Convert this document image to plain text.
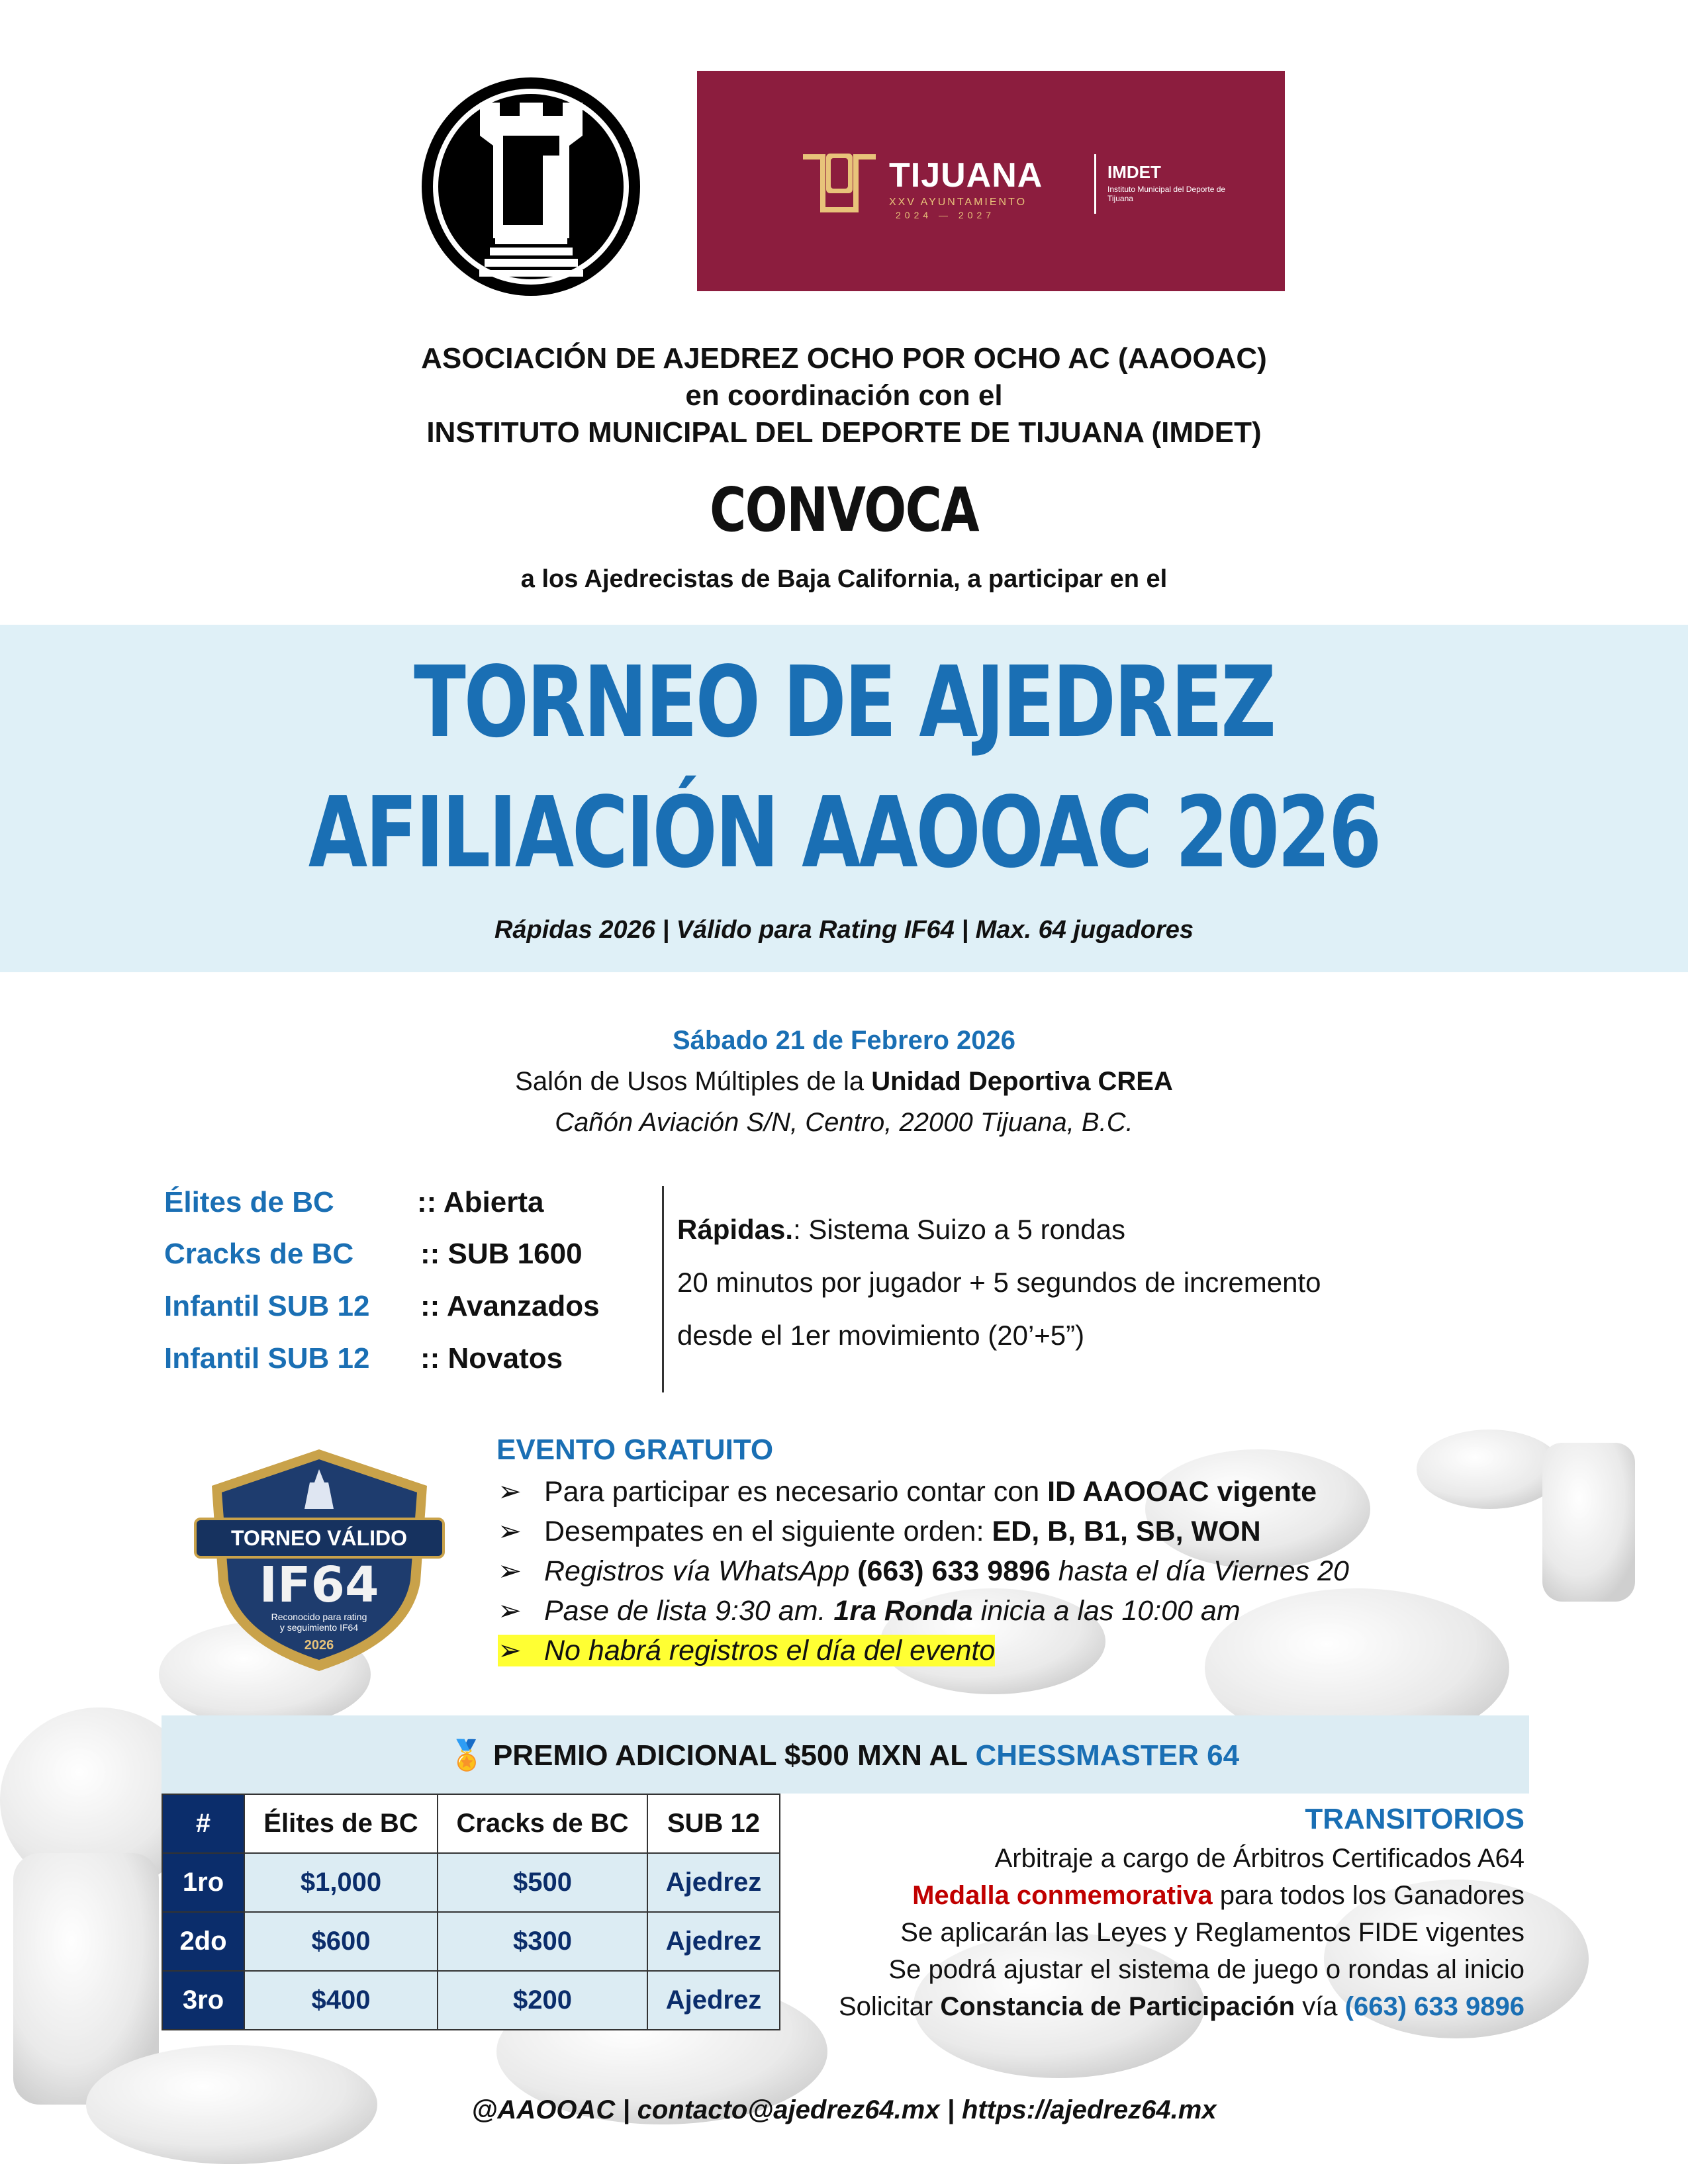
TIJUANA
XXV AYUNTAMIENTO
2024 — 2027
IMDET
Instituto Municipal del Deporte de Tijuana
ASOCIACIÓN DE AJEDREZ OCHO POR OCHO AC (AAOOAC)
en coordinación con el
INSTITUTO MUNICIPAL DEL DEPORTE DE TIJUANA (IMDET)
CONVOCA
a los Ajedrecistas de Baja California, a participar en el
TORNEO DE AJEDREZ
AFILIACIÓN AAOOAC 2026
Rápidas 2026 | Válido para Rating IF64 | Max. 64 jugadores
Sábado 21 de Febrero 2026
Salón de Usos Múltiples de la Unidad Deportiva CREA
Cañón Aviación S/N, Centro, 22000 Tijuana, B.C.
Élites de BC	:: Abierta
Cracks de BC :: SUB 1600
Infantil SUB 12 :: Avanzados
Infantil SUB 12 :: Novatos
Rápidas.: Sistema Suizo a 5 rondas
20 minutos por jugador + 5 segundos de incremento
desde el 1er movimiento (20’+5”)
TORNEO VÁLIDO
IF64
Reconocido para rating
y seguimiento IF64
2026
EVENTO GRATUITO
➢ Para participar es necesario contar con ID AAOOAC vigente
➢ Desempates en el siguiente orden: ED, B, B1, SB, WON
➢ Registros vía WhatsApp (663) 633 9896 hasta el día Viernes 20
➢ Pase de lista 9:30 am. 1ra Ronda inicia a las 10:00 am
➢ No habrá registros el día del evento
🏅 PREMIO ADICIONAL $500 MXN AL CHESSMASTER 64
#	Élites de BC	Cracks de BC	SUB 12
1ro	$1,000	$500	Ajedrez
2do	$600	$300	Ajedrez
3ro	$400	$200	Ajedrez
TRANSITORIOS
Arbitraje a cargo de Árbitros Certificados A64
Medalla conmemorativa para todos los Ganadores
Se aplicarán las Leyes y Reglamentos FIDE vigentes
Se podrá ajustar el sistema de juego o rondas al inicio
Solicitar Constancia de Participación vía (663) 633 9896
@AAOOAC | contacto@ajedrez64.mx | https://ajedrez64.mx
